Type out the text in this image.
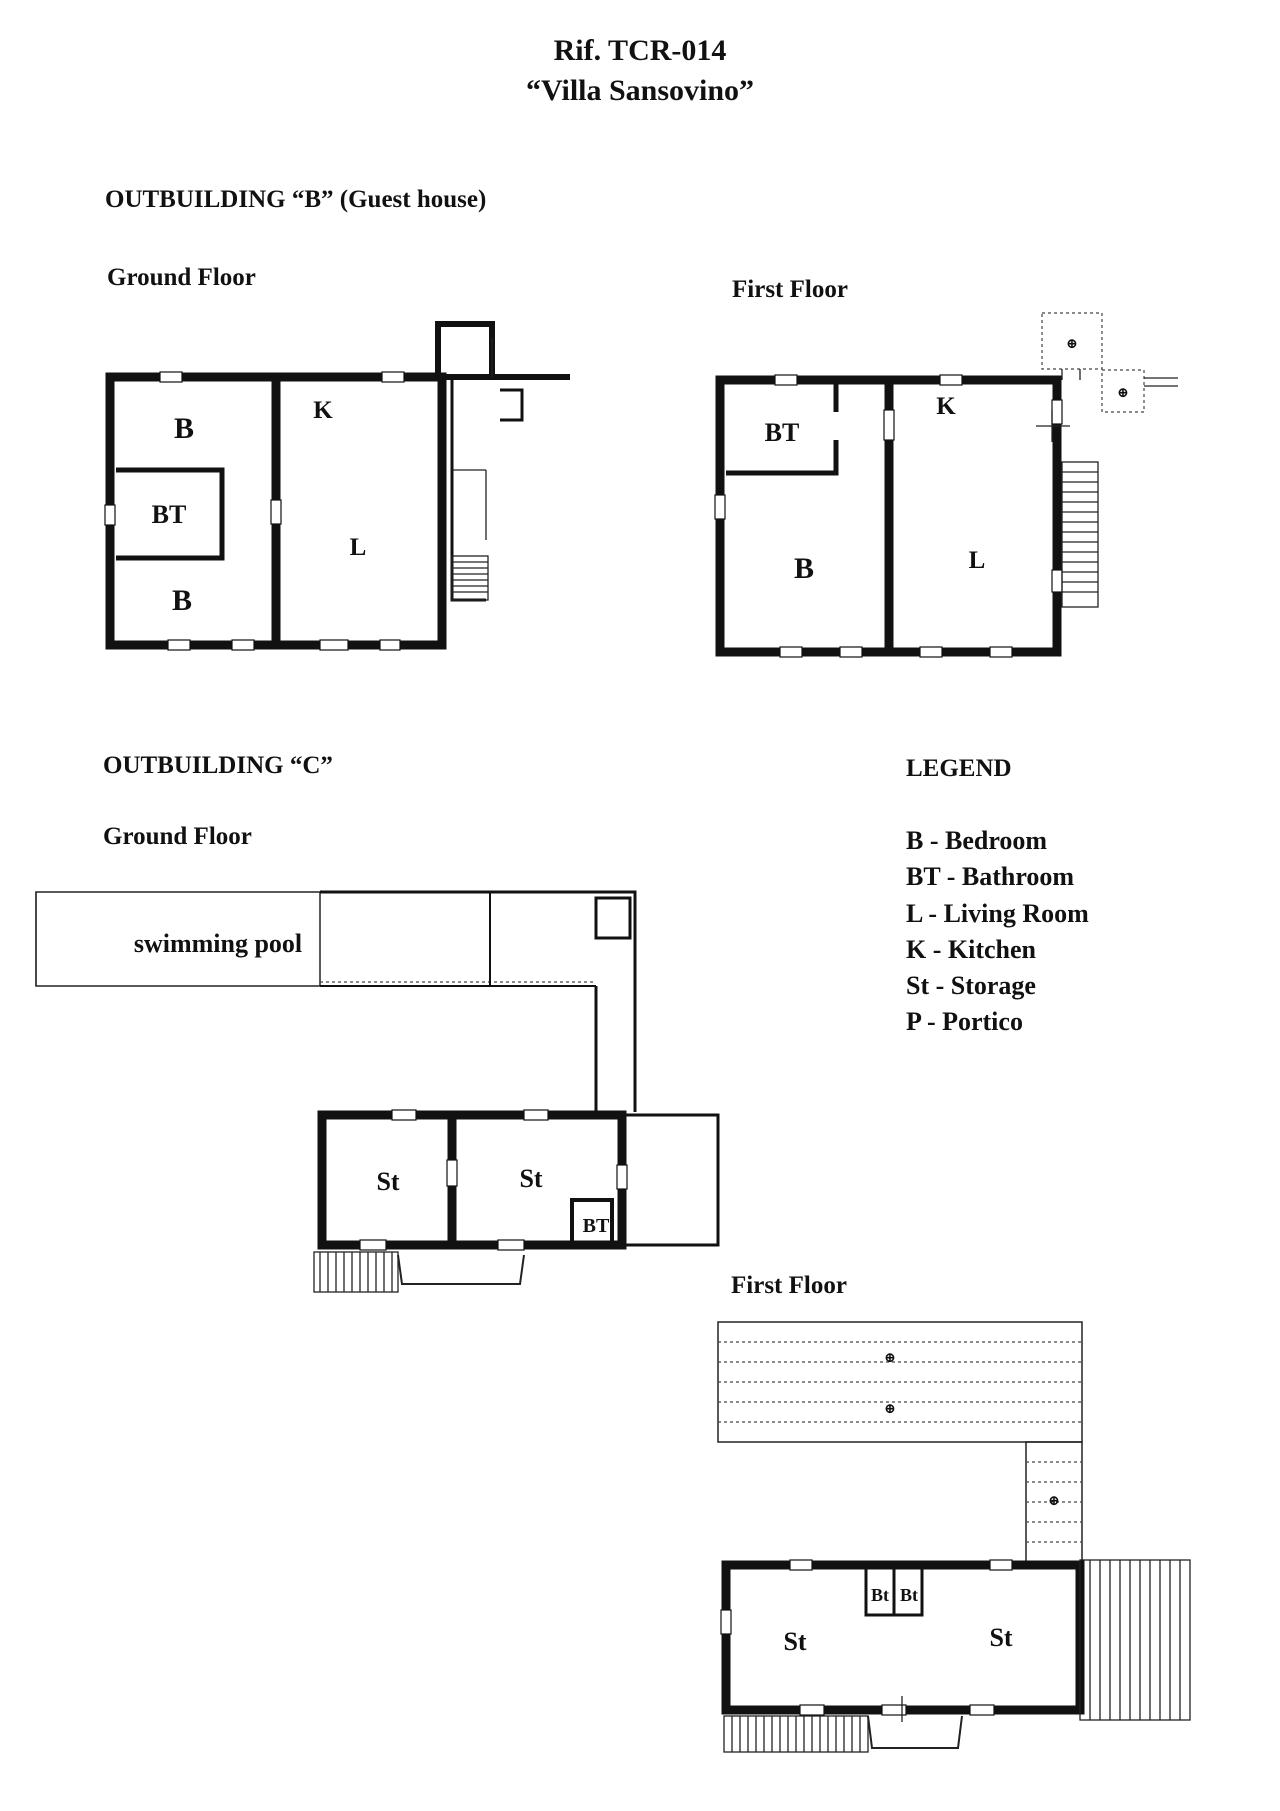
Rif. TCR-014
“Villa Sansovino”
OUTBUILDING “B” (Guest house)
Ground Floor	First Floor
OUTBUILDING “C”
Ground Floor
First Floor
LEGEND
B - Bedroom
BT - Bathroom
L - Living Room
K - Kitchen
St - Storage
P - Portico
B
BT
B
K
L
⊕
⊕
BT
B
K
L
swimming pool
St	St
BT
⊕
⊕
⊕
St
Bt Bt
St
